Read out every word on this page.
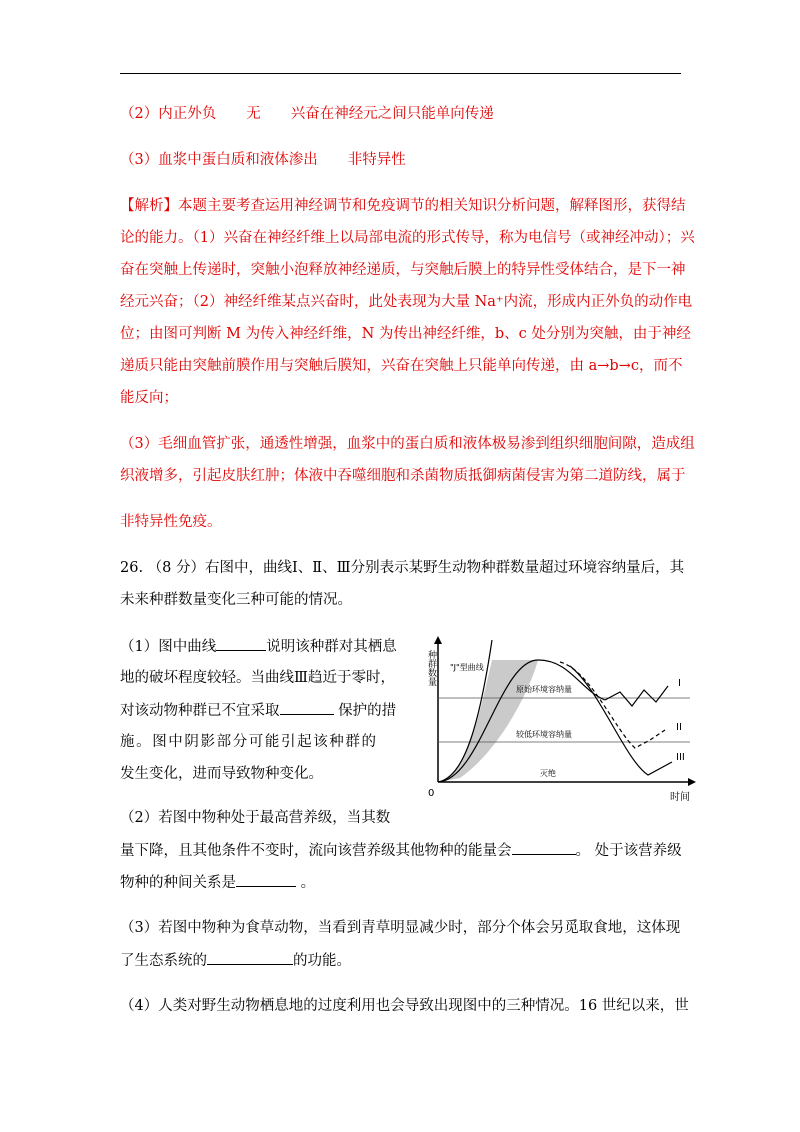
（2）内正外负 无 兴奋在神经元之间只能单向传递
（3）血浆中蛋白质和液体渗出 非特异性
【解析】本题主要考查运用神经调节和免疫调节的相关知识分析问题，解释图形，获得结
论的能力。（1）兴奋在神经纤维上以局部电流的形式传导，称为电信号（或神经冲动）；兴
奋在突触上传递时，突触小泡释放神经递质，与突触后膜上的特异性受体结合，是下一神
经元兴奋；（2）神经纤维某点兴奋时，此处表现为大量 Na⁺内流，形成内正外负的动作电
位；由图可判断 M 为传入神经纤维，N 为传出神经纤维，b、c 处分别为突触，由于神经
递质只能由突触前膜作用与突触后膜知，兴奋在突触上只能单向传递，由 a→b→c，而不
能反向；
（3）毛细血管扩张，通透性增强，血浆中的蛋白质和液体极易渗到组织细胞间隙，造成组
织液增多，引起皮肤红肿；体液中吞噬细胞和杀菌物质抵御病菌侵害为第二道防线，属于
非特异性免疫。
26. （8 分）右图中，曲线Ⅰ、Ⅱ、Ⅲ分别表示某野生动物种群数量超过环境容纳量后，其
未来种群数量变化三种可能的情况。
（1）图中曲线	说明该种群对其栖息
地的破坏程度较轻。当曲线Ⅲ趋近于零时，
对该动物种群已不宜采取	保护的措
施。图中阴影部分可能引起该种群的
发生变化，进而导致物种变化。
（2）若图中物种处于最高营养级，当其数
量下降，且其他条件不变时，流向该营养级其他物种的能量会	。 处于该营养级
物种的种间关系是	。
（3）若图中物种为食草动物，当看到青草明显减少时，部分个体会另觅取食地，这体现
了生态系统的	的功能。
（4）人类对野生动物栖息地的过度利用也会导致出现图中的三种情况。16 世纪以来，世
种群数量
时间
0
"J"型曲线
原始环境容纳量
较低环境容纳量
灭绝
I
II
III
